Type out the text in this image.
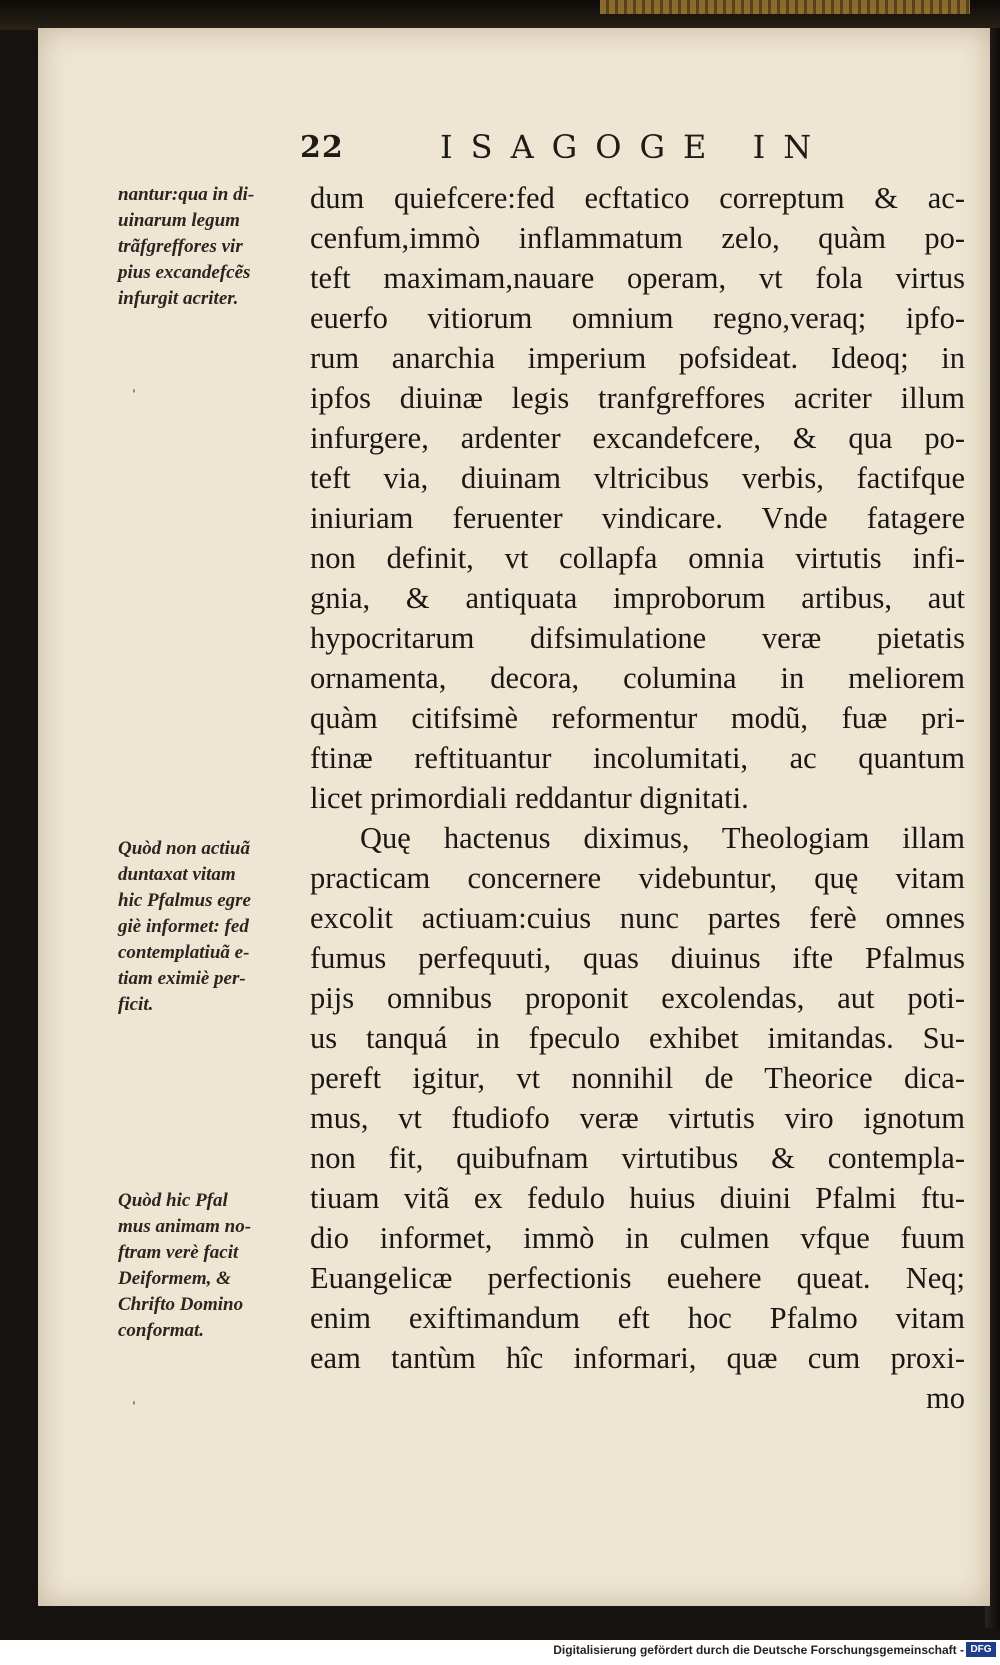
22	ISAGOGE IN
dum quiefcere:fed ecftatico correptum & ac-
cenfum,immò inflammatum zelo, quàm po-
teft maximam,nauare operam, vt fola virtus
euerfo vitiorum omnium regno,veraq; ipfo-
rum anarchia imperium pofsideat. Ideoq; in
ipfos diuinæ legis tranfgreffores acriter illum
infurgere, ardenter excandefcere, & qua po-
teft via, diuinam vltricibus verbis, factifque
iniuriam feruenter vindicare. Vnde fatagere
non definit, vt collapfa omnia virtutis infi-
gnia, & antiquata improborum artibus, aut
hypocritarum difsimulatione veræ pietatis
ornamenta, decora, columina in meliorem
quàm citifsimè reformentur modũ, fuæ pri-
ftinæ reftituantur incolumitati, ac quantum
licet primordiali reddantur dignitati.
Quę hactenus diximus, Theologiam illam
practicam concernere videbuntur, quę vitam
excolit actiuam:cuius nunc partes ferè omnes
fumus perfequuti, quas diuinus ifte Pfalmus
pijs omnibus proponit excolendas, aut poti-
us tanquá in fpeculo exhibet imitandas. Su-
pereft igitur, vt nonnihil de Theorice dica-
mus, vt ftudiofo veræ virtutis viro ignotum
non fit, quibufnam virtutibus & contempla-
tiuam vitã ex fedulo huius diuini Pfalmi ftu-
dio informet, immò in culmen vfque fuum
Euangelicæ perfectionis euehere queat. Neq;
enim exiftimandum eft hoc Pfalmo vitam
eam tantùm hîc informari, quæ cum proxi-
mo
nantur:qua in di-
uinarum legum
trãfgreffores vir
pius excandefcẽs
infurgit acriter.
Quòd non actiuã
duntaxat vitam
hic Pfalmus egre
giè informet: fed
contemplatiuã e-
tiam eximiè per-
ficit.
Quòd hic Pfal
mus animam no-
ftram verè facit
Deiformem, &
Chrifto Domino
conformat.
ˈ
ˈ
Digitalisierung gefördert durch die Deutsche Forschungsgemeinschaft - DFG
